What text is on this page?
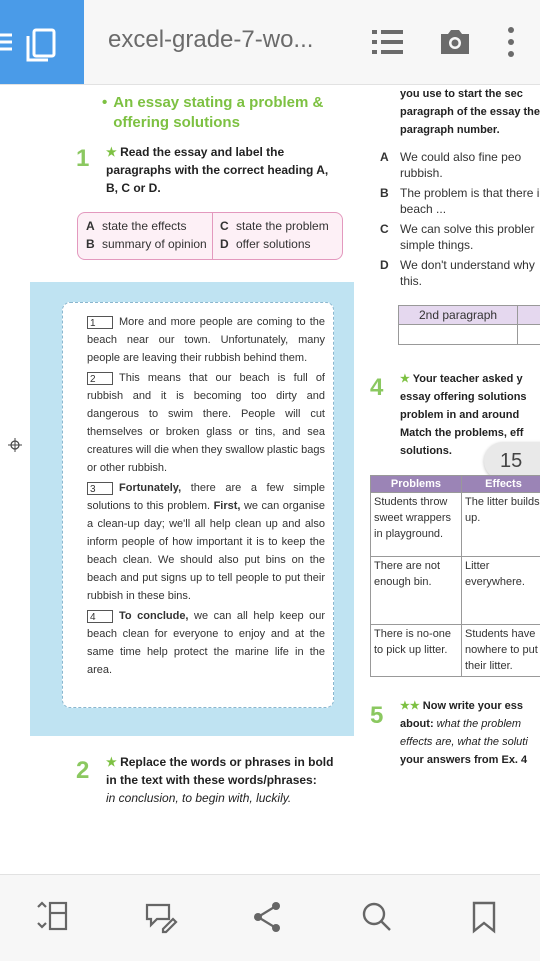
excel-grade-7-wo...
• An essay stating a problem & offering solutions
1 ★ Read the essay and label the paragraphs with the correct heading A, B, C or D.
A state the effects	C state the problem
B summary of opinion D offer solutions

1 More and more people are coming to the beach near our town. Unfortunately, many people are leaving their rubbish behind them.

2 This means that our beach is full of rubbish and it is becoming too dirty and dangerous to swim there. People will cut themselves or broken glass or tins, and sea creatures will die when they swallow plastic bags or other rubbish.

3 Fortunately, there are a few simple solutions to this problem. First, we can organise a clean-up day; we'll all help clean up and also inform people of how important it is to keep the beach clean. We should also put bins on the beach and put signs up to tell people to put their rubbish in these bins.

4 To conclude, we can all help keep our beach clean for everyone to enjoy and at the same time help protect the marine life in the area.

2 ★ Replace the words or phrases in bold in the text with these words/phrases:
in conclusion, to begin with, luckily.
you use to start the sec paragraph of the essay the paragraph number.
A We could also fine peo rubbish.
B The problem is that there i beach ...
C We can solve this probler simple things.
D We don't understand why this.
2nd paragraph
4 ★ Your teacher asked y essay offering solutions problem in and around Match the problems, eff solutions.	15
Problems	Effects
Students throw sweet wrappers in playground.	The litter builds up.
There are not enough bin.	Litter everywhere.
There is no-one to pick up litter.	Students have nowhere to put their litter.
5 ★★ Now write your ess about: what the problem effects are, what the soluti your answers from Ex. 4
